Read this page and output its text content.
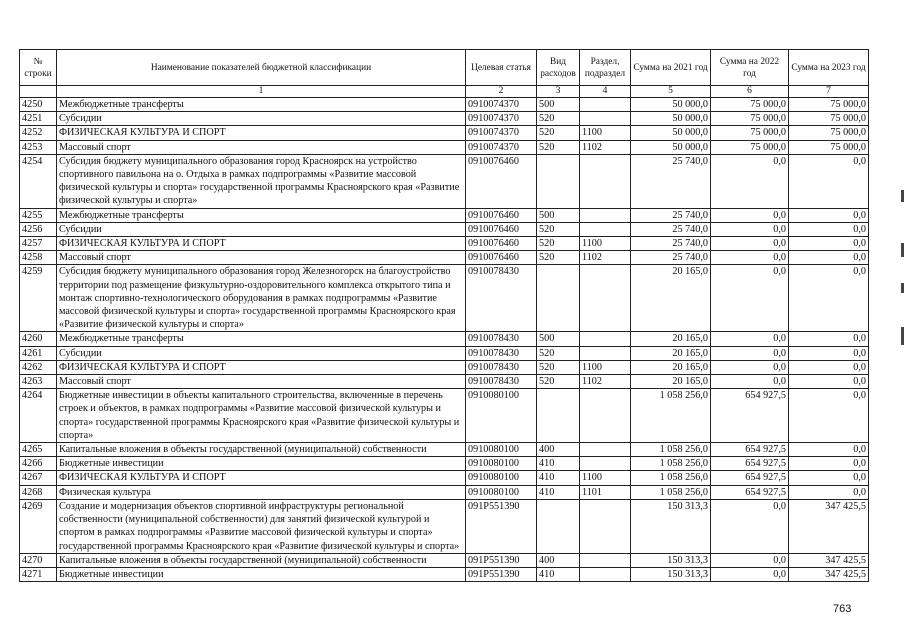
№ строки	Наименование показателей бюджетной классификации	Целевая статья	Вид расходов	Раздел, подраздел	Сумма на 2021 год	Сумма на 2022 год	Сумма на 2023 год
	1	2	3	4	5	6	7
4250	Межбюджетные трансферты	0910074370	500		50 000,0	75 000,0	75 000,0
4251	Субсидии	0910074370	520		50 000,0	75 000,0	75 000,0
4252	ФИЗИЧЕСКАЯ КУЛЬТУРА И СПОРТ	0910074370	520	1100	50 000,0	75 000,0	75 000,0
4253	Массовый спорт	0910074370	520	1102	50 000,0	75 000,0	75 000,0
4254	Субсидия бюджету муниципального образования город Красноярск на устройство спортивного павильона на о. Отдыха в рамках подпрограммы «Развитие массовой физической культуры и спорта» государственной программы Красноярского края «Развитие физической культуры и спорта»	0910076460			25 740,0	0,0	0,0
4255	Межбюджетные трансферты	0910076460	500		25 740,0	0,0	0,0
4256	Субсидии	0910076460	520		25 740,0	0,0	0,0
4257	ФИЗИЧЕСКАЯ КУЛЬТУРА И СПОРТ	0910076460	520	1100	25 740,0	0,0	0,0
4258	Массовый спорт	0910076460	520	1102	25 740,0	0,0	0,0
4259	Субсидия бюджету муниципального образования город Железногорск на благоустройство территории под размещение физкультурно-оздоровительного комплекса открытого типа и монтаж спортивно-технологического оборудования в рамках подпрограммы «Развитие массовой физической культуры и спорта» государственной программы Красноярского края «Развитие физической культуры и спорта»	0910078430			20 165,0	0,0	0,0
4260	Межбюджетные трансферты	0910078430	500		20 165,0	0,0	0,0
4261	Субсидии	0910078430	520		20 165,0	0,0	0,0
4262	ФИЗИЧЕСКАЯ КУЛЬТУРА И СПОРТ	0910078430	520	1100	20 165,0	0,0	0,0
4263	Массовый спорт	0910078430	520	1102	20 165,0	0,0	0,0
4264	Бюджетные инвестиции в объекты капитального строительства, включенные в перечень строек и объектов, в рамках подпрограммы «Развитие массовой физической культуры и спорта» государственной программы Красноярского края «Развитие физической культуры и спорта»	0910080100			1 058 256,0	654 927,5	0,0
4265	Капитальные вложения в объекты государственной (муниципальной) собственности	0910080100	400		1 058 256,0	654 927,5	0,0
4266	Бюджетные инвестиции	0910080100	410		1 058 256,0	654 927,5	0,0
4267	ФИЗИЧЕСКАЯ КУЛЬТУРА И СПОРТ	0910080100	410	1100	1 058 256,0	654 927,5	0,0
4268	Физическая культура	0910080100	410	1101	1 058 256,0	654 927,5	0,0
4269	Создание и модернизация объектов спортивной инфраструктуры региональной собственности (муниципальной собственности) для занятий физической культурой и спортом в рамках подпрограммы «Развитие массовой физической культуры и спорта» государственной программы Красноярского края «Развитие физической культуры и спорта»	091P551390			150 313,3	0,0	347 425,5
4270	Капитальные вложения в объекты государственной (муниципальной) собственности	091P551390	400		150 313,3	0,0	347 425,5
4271	Бюджетные инвестиции	091P551390	410		150 313,3	0,0	347 425,5
763
